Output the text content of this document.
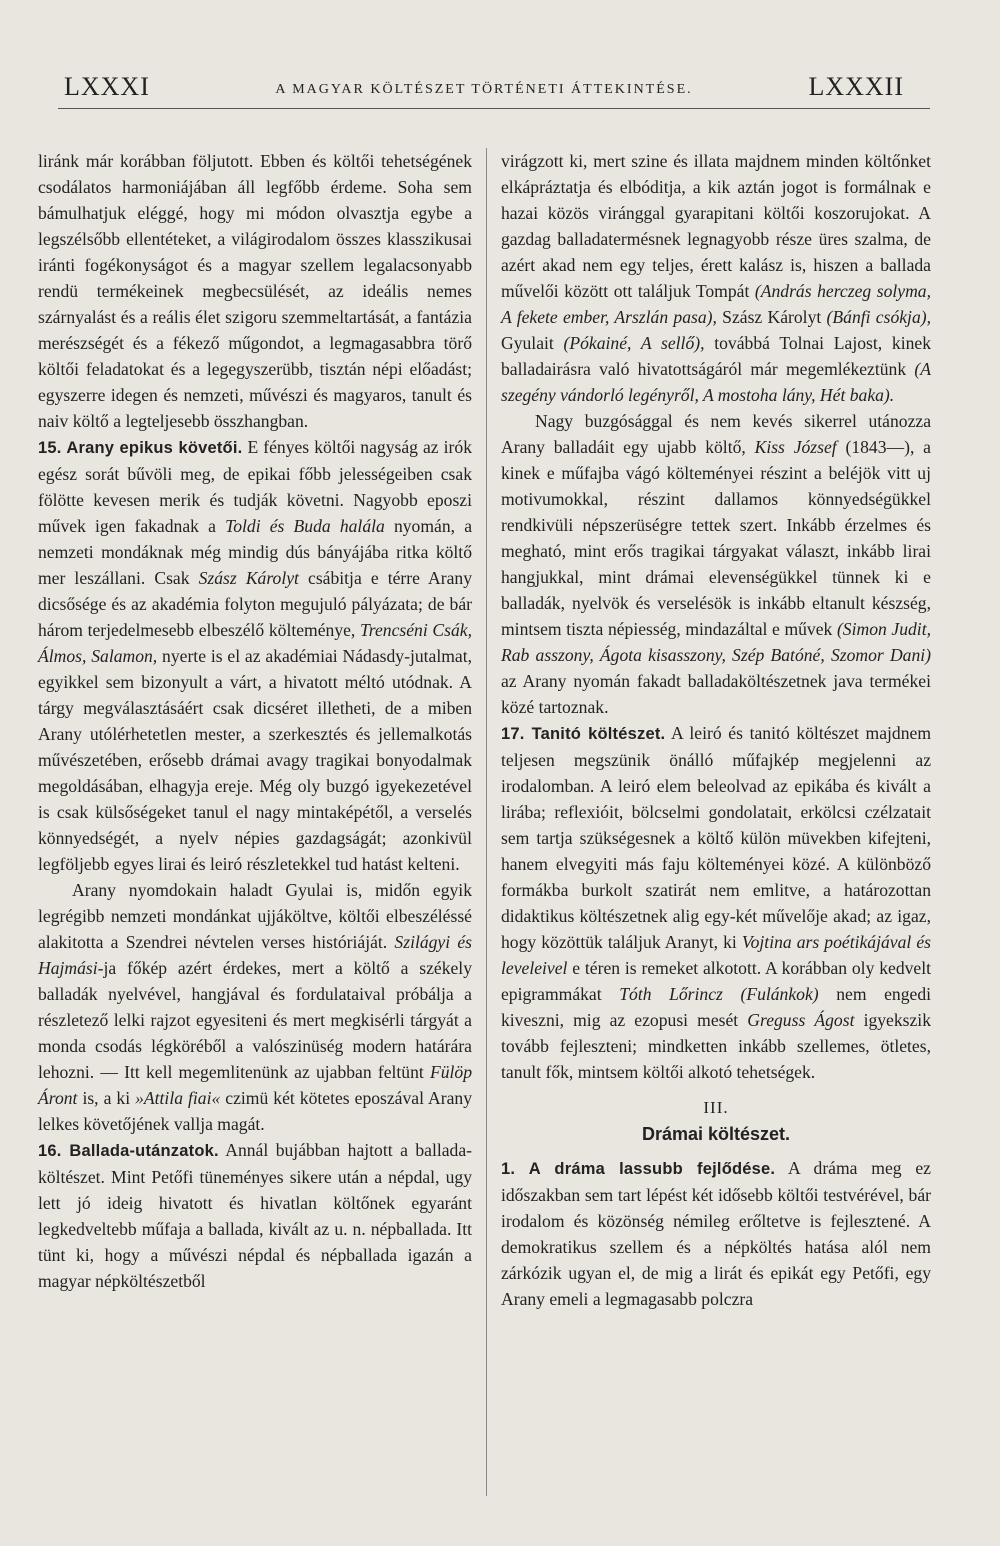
LXXXI	A MAGYAR KÖLTÉSZET TÖRTÉNETI ÁTTEKINTÉSE.	LXXXII

liránk már korábban följutott. Ebben és költői tehetségének csodálatos harmoniájában áll legfőbb érdeme. Soha sem bámulhatjuk eléggé, hogy mi módon olvasztja egybe a legszélsőbb ellentéteket, a világirodalom összes klasszikusai iránti fogékonyságot és a magyar szellem legalacsonyabb rendü termékeinek megbecsülését, az ideális nemes szárnyalást és a reális élet szigoru szemmeltartását, a fantázia merészségét és a fékező műgondot, a legmagasabbra törő költői feladatokat és a legegyszerübb, tisztán népi előadást; egyszerre idegen és nemzeti, művészi és magyaros, tanult és naiv költő a legteljesebb összhangban.

15. Arany epikus követői. E fényes költői nagyság az irók egész sorát bűvöli meg, de epikai főbb jelességeiben csak fölötte kevesen merik és tudják követni. Nagyobb eposzi művek igen fakadnak a Toldi és Buda halála nyomán, a nemzeti mondáknak még mindig dús bányájába ritka költő mer leszállani. Csak Szász Károlyt csábitja e térre Arany dicsősége és az akadémia folyton megujuló pályázata; de bár három terjedelmesebb elbeszélő költeménye, Trencséni Csák, Álmos, Salamon, nyerte is el az akadémiai Nádasdy-jutalmat, egyikkel sem bizonyult a várt, a hivatott méltó utódnak. A tárgy megválasztásáért csak dicséret illetheti, de a miben Arany utólérhetetlen mester, a szerkesztés és jellemalkotás művészetében, erősebb drámai avagy tragikai bonyodalmak megoldásában, elhagyja ereje. Még oly buzgó igyekezetével is csak külsőségeket tanul el nagy mintaképétől, a verselés könnyedségét, a nyelv népies gazdagságát; azonkivül legföljebb egyes lirai és leiró részletekkel tud hatást kelteni.

Arany nyomdokain haladt Gyulai is, midőn egyik legrégibb nemzeti mondánkat ujjáköltve, költői elbeszéléssé alakitotta a Szendrei névtelen verses históriáját. Szilágyi és Hajmási-ja főkép azért érdekes, mert a költő a székely balladák nyelvével, hangjával és fordulataival próbálja a részletező lelki rajzot egyesiteni és mert megkisérli tárgyát a monda csodás légköréből a valószinüség modern határára lehozni. — Itt kell megemlitenünk az ujabban feltünt Fülöp Áront is, a ki »Attila fiai« czimü két kötetes eposzával Arany lelkes követőjének vallja magát.

16. Ballada-utánzatok. Annál bujábban hajtott a ballada-költészet. Mint Petőfi tüneményes sikere után a népdal, ugy lett jó ideig hivatott és hivatlan költőnek egyaránt legkedveltebb műfaja a ballada, kivált az u. n. népballada. Itt tünt ki, hogy a művészi népdal és népballada igazán a magyar népköltészetből

virágzott ki, mert szine és illata majdnem minden költőnket elkápráztatja és elbóditja, a kik aztán jogot is formálnak e hazai közös viránggal gyarapitani költői koszorujokat. A gazdag balladatermésnek legnagyobb része üres szalma, de azért akad nem egy teljes, érett kalász is, hiszen a ballada művelői között ott találjuk Tompát (András herczeg solyma, A fekete ember, Arszlán pasa), Szász Károlyt (Bánfi csókja), Gyulait (Pókainé, A sellő), továbbá Tolnai Lajost, kinek balladairásra való hivatottságáról már megemlékeztünk (A szegény vándorló legényről, A mostoha lány, Hét baka).

Nagy buzgósággal és nem kevés sikerrel utánozza Arany balladáit egy ujabb költő, Kiss József (1843—), a kinek e műfajba vágó költeményei részint a beléjök vitt uj motivumokkal, részint dallamos könnyedségükkel rendkivüli népszerüségre tettek szert. Inkább érzelmes és megható, mint erős tragikai tárgyakat választ, inkább lirai hangjukkal, mint drámai elevenségükkel tünnek ki e balladák, nyelvök és verselésök is inkább eltanult készség, mintsem tiszta népiesség, mindazáltal e művek (Simon Judit, Rab asszony, Ágota kisasszony, Szép Batóné, Szomor Dani) az Arany nyomán fakadt balladaköltészetnek java termékei közé tartoznak.

17. Tanitó költészet. A leiró és tanitó költészet majdnem teljesen megszünik önálló műfajkép megjelenni az irodalomban. A leiró elem beleolvad az epikába és kivált a lirába; reflexióit, bölcselmi gondolatait, erkölcsi czélzatait sem tartja szükségesnek a költő külön müvekben kifejteni, hanem elvegyiti más faju költeményei közé. A különböző formákba burkolt szatirát nem emlitve, a határozottan didaktikus költészetnek alig egy-két művelője akad; az igaz, hogy közöttük találjuk Aranyt, ki Vojtina ars poétikájával és leveleivel e téren is remeket alkotott. A korábban oly kedvelt epigrammákat Tóth Lőrincz (Fulánkok) nem engedi kiveszni, mig az ezopusi mesét Greguss Ágost igyekszik tovább fejleszteni; mindketten inkább szellemes, ötletes, tanult fők, mintsem költői alkotó tehetségek.

III.
Drámai költészet.

1. A dráma lassubb fejlődése. A dráma meg ez időszakban sem tart lépést két idősebb költői testvérével, bár irodalom és közönség némileg erőltetve is fejlesztené. A demokratikus szellem és a népköltés hatása alól nem zárkózik ugyan el, de mig a lirát és epikát egy Petőfi, egy Arany emeli a legmagasabb polczra
